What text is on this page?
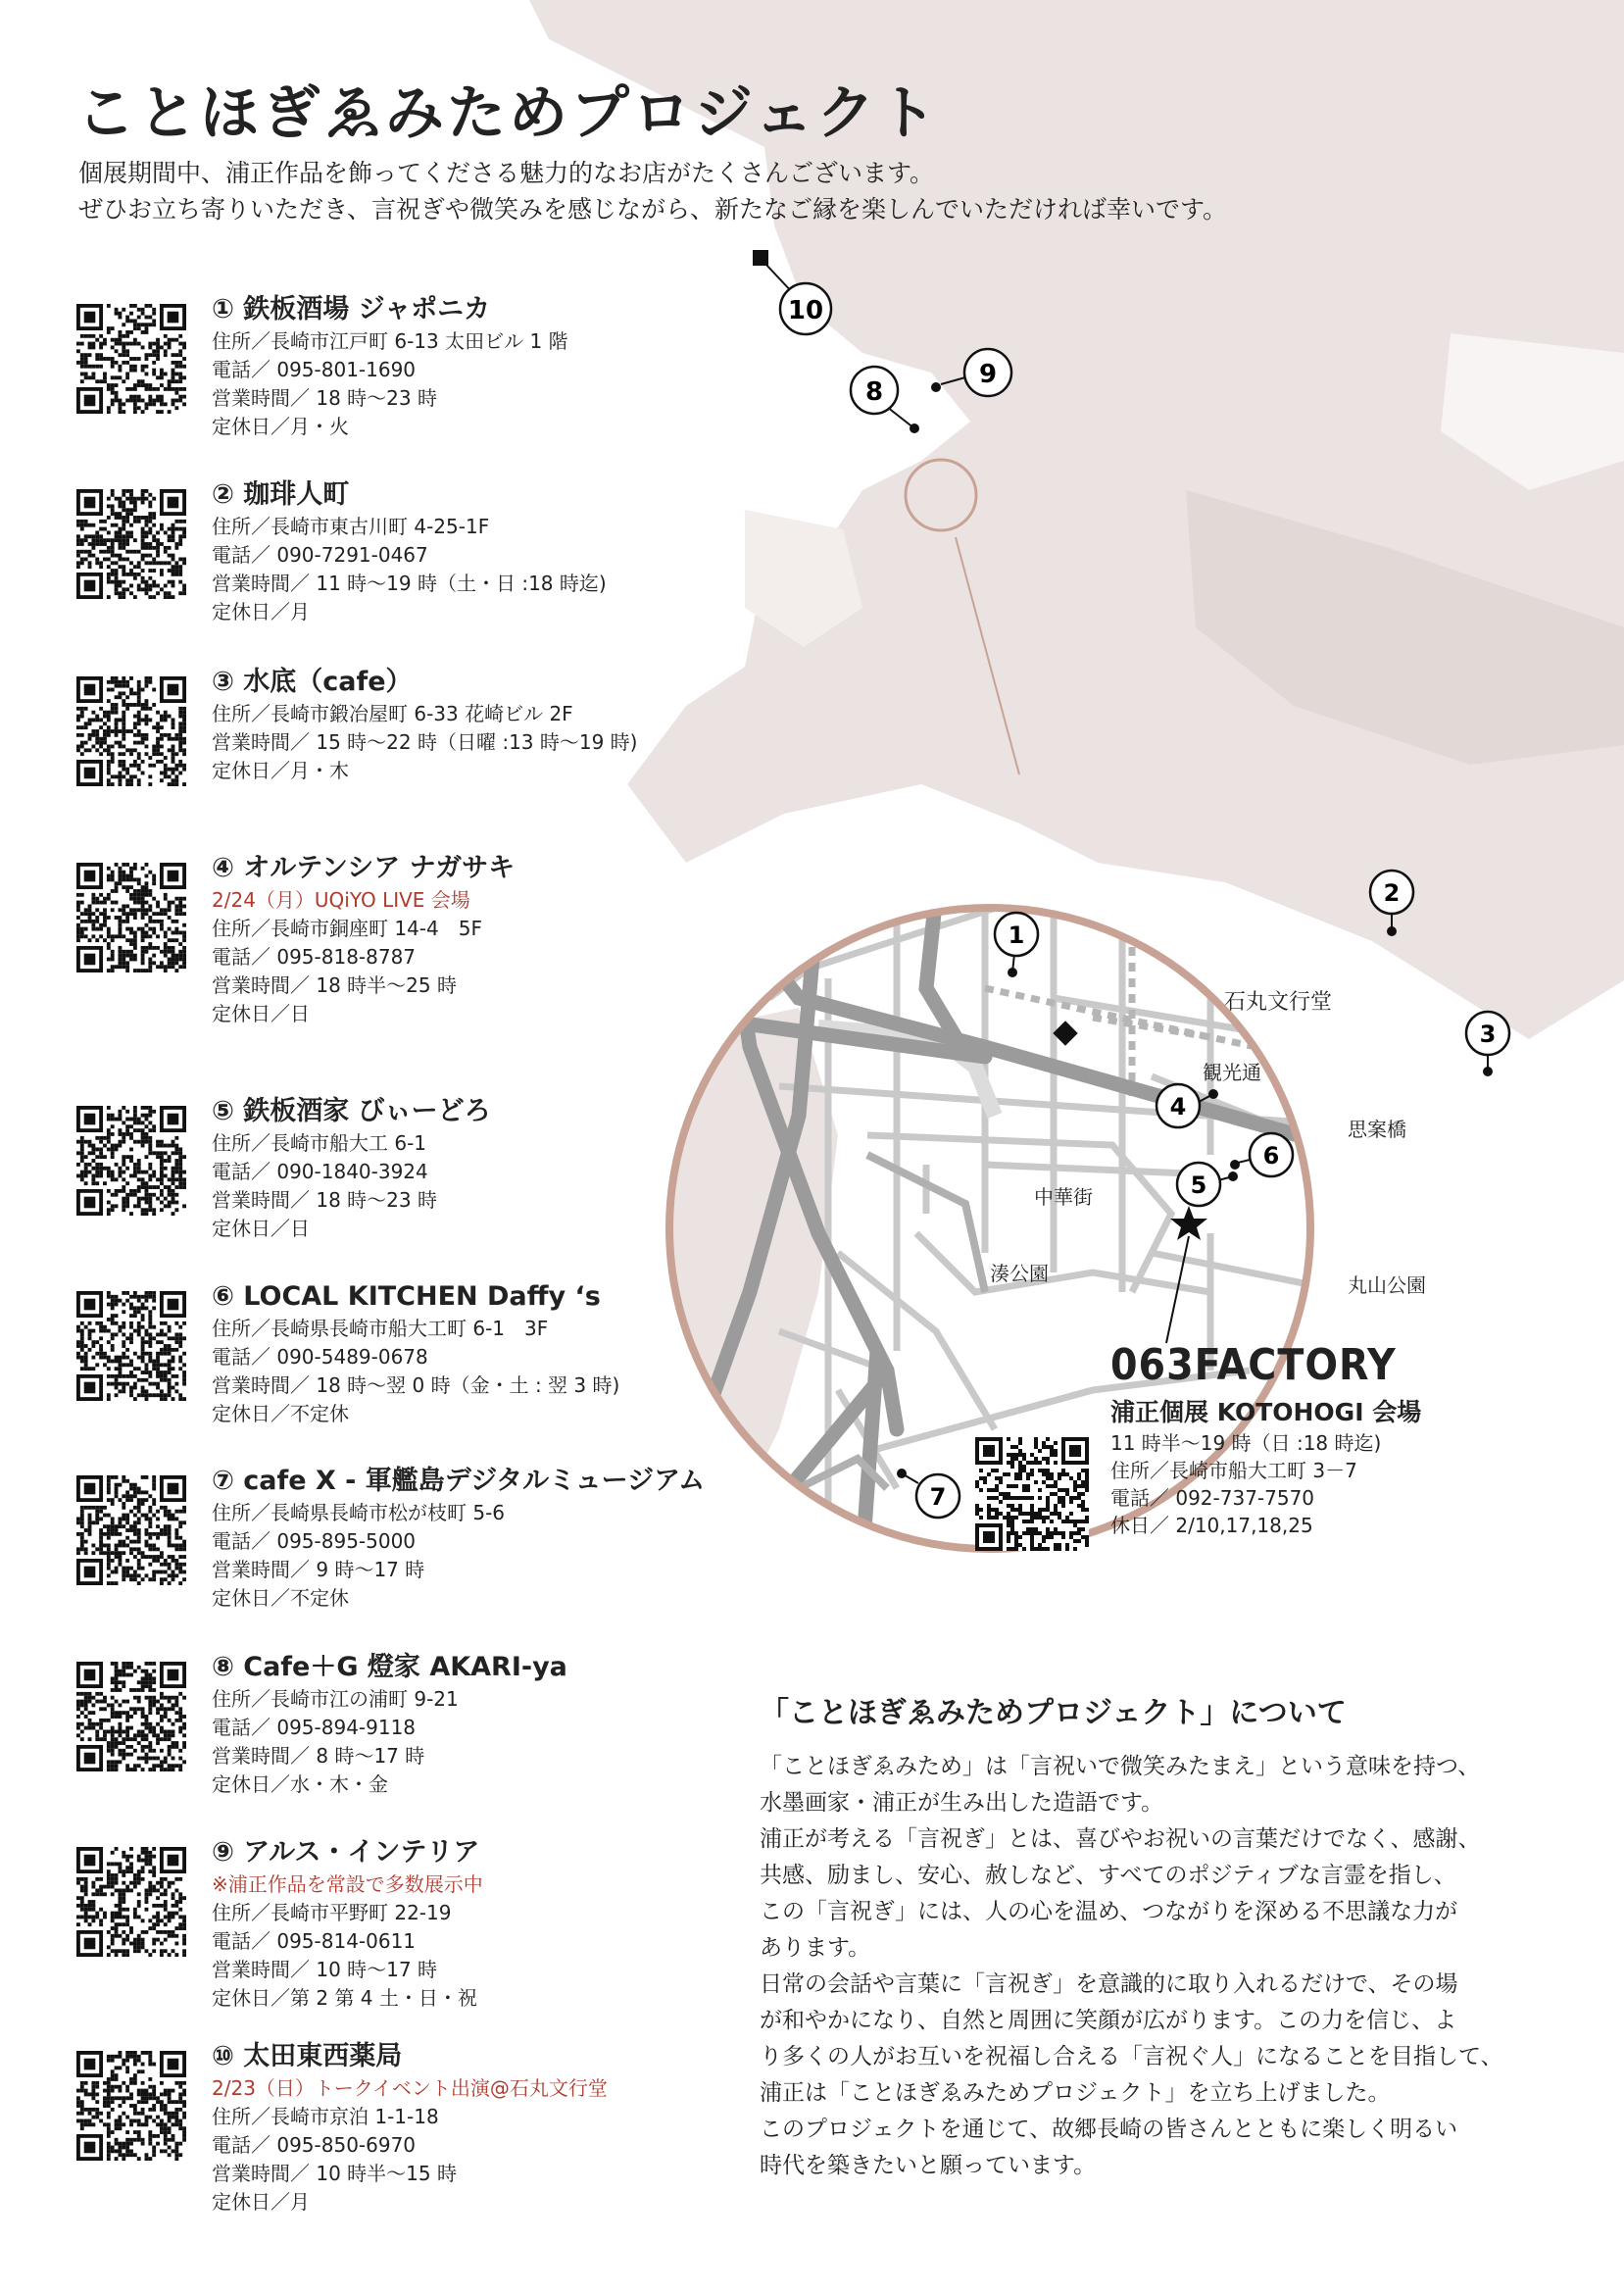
10
8
9
ことほぎゑみためプロジェクト
個展期間中、浦正作品を飾ってくださる魅力的なお店がたくさんございます。
ぜひお立ち寄りいただき、言祝ぎや微笑みを感じながら、新たなご縁を楽しんでいただければ幸いです。
① 鉄板酒場 ジャポニカ
住所／長崎市江戸町 6-13 太田ビル 1 階
電話／ 095-801-1690
営業時間／ 18 時〜23 時
定休日／月・火
② 珈琲人町
住所／長崎市東古川町 4-25-1F
電話／ 090-7291-0467
営業時間／ 11 時〜19 時（土・日 :18 時迄)
定休日／月
③ 水底（cafe）
住所／長崎市鍛冶屋町 6-33 花崎ビル 2F
営業時間／ 15 時〜22 時（日曜 :13 時〜19 時)
定休日／月・木
④ オルテンシア ナガサキ
2/24（月）UQiYO LIVE 会場
住所／長崎市銅座町 14-4　5F
電話／ 095-818-8787
営業時間／ 18 時半〜25 時
定休日／日
⑤ 鉄板酒家 びぃーどろ
住所／長崎市船大工 6-1
電話／ 090-1840-3924
営業時間／ 18 時〜23 時
定休日／日
⑥ LOCAL KITCHEN Daffy ‘s
住所／長崎県長崎市船大工町 6-1　3F
電話／ 090-5489-0678
営業時間／ 18 時〜翌 0 時（金・土 : 翌 3 時)
定休日／不定休
⑦ cafe X - 軍艦島デジタルミュージアム
住所／長崎県長崎市松が枝町 5-6
電話／ 095-895-5000
営業時間／ 9 時〜17 時
定休日／不定休
⑧ Cafe＋G 燈家 AKARI-ya
住所／長崎市江の浦町 9-21
電話／ 095-894-9118
営業時間／ 8 時〜17 時
定休日／水・木・金
⑨ アルス・インテリア
※浦正作品を常設で多数展示中
住所／長崎市平野町 22-19
電話／ 095-814-0611
営業時間／ 10 時〜17 時
定休日／第 2 第 4 土・日・祝
⑩ 太田東西薬局
2/23（日）トークイベント出演@石丸文行堂
住所／長崎市京泊 1-1-18
電話／ 095-850-6970
営業時間／ 10 時半〜15 時
定休日／月
1
2
3
4
5
6
7
石丸文行堂
観光通
思案橋
中華街
湊公園	丸山公園
063FACTORY
浦正個展 KOTOHOGI 会場
11 時半〜19 時（日 :18 時迄)
住所／長崎市船大工町 3－7
電話／ 092-737-7570
休日／ 2/10,17,18,25
「ことほぎゑみためプロジェクト」について
「ことほぎゑみため」は「言祝いで微笑みたまえ」という意味を持つ、
水墨画家・浦正が生み出した造語です。
浦正が考える「言祝ぎ」とは、喜びやお祝いの言葉だけでなく、感謝、
共感、励まし、安心、赦しなど、すべてのポジティブな言霊を指し、
この「言祝ぎ」には、人の心を温め、つながりを深める不思議な力が
あります。
日常の会話や言葉に「言祝ぎ」を意識的に取り入れるだけで、その場
が和やかになり、自然と周囲に笑顔が広がります。この力を信じ、よ
り多くの人がお互いを祝福し合える「言祝ぐ人」になることを目指して、
浦正は「ことほぎゑみためプロジェクト」を立ち上げました。
このプロジェクトを通じて、故郷長崎の皆さんとともに楽しく明るい
時代を築きたいと願っています。
